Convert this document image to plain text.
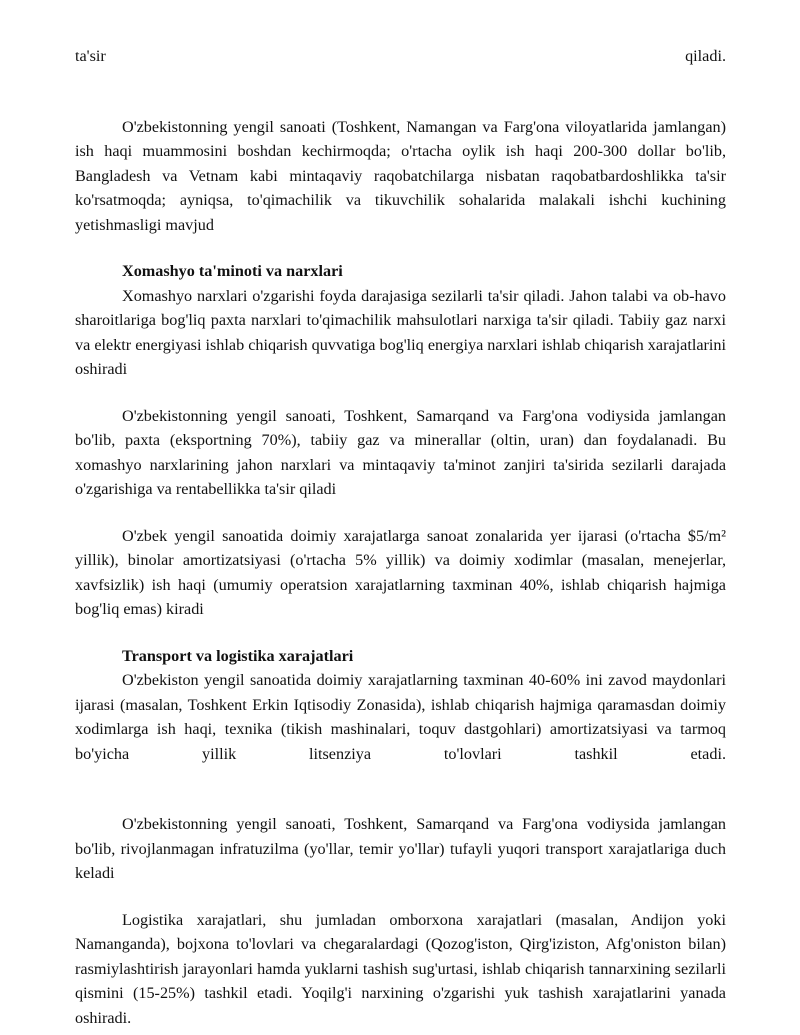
ta'sir qiladi.

O'zbekistonning yengil sanoati (Toshkent, Namangan va Farg'ona viloyatlarida jamlangan) ish haqi muammosini boshdan kechirmoqda; o'rtacha oylik ish haqi 200-300 dollar bo'lib, Bangladesh va Vetnam kabi mintaqaviy raqobatchilarga nisbatan raqobatbardoshlikka ta'sir ko'rsatmoqda; ayniqsa, to'qimachilik va tikuvchilik sohalarida malakali ishchi kuchining yetishmasligi mavjud

Xomashyo ta'minoti va narxlari

Xomashyo narxlari o'zgarishi foyda darajasiga sezilarli ta'sir qiladi. Jahon talabi va ob-havo sharoitlariga bog'liq paxta narxlari to'qimachilik mahsulotlari narxiga ta'sir qiladi. Tabiiy gaz narxi va elektr energiyasi ishlab chiqarish quvvatiga bog'liq energiya narxlari ishlab chiqarish xarajatlarini oshiradi

O'zbekistonning yengil sanoati, Toshkent, Samarqand va Farg'ona vodiysida jamlangan bo'lib, paxta (eksportning 70%), tabiiy gaz va minerallar (oltin, uran) dan foydalanadi. Bu xomashyo narxlarining jahon narxlari va mintaqaviy ta'minot zanjiri ta'sirida sezilarli darajada o'zgarishiga va rentabellikka ta'sir qiladi

O'zbek yengil sanoatida doimiy xarajatlarga sanoat zonalarida yer ijarasi (o'rtacha $5/m² yillik), binolar amortizatsiyasi (o'rtacha 5% yillik) va doimiy xodimlar (masalan, menejerlar, xavfsizlik) ish haqi (umumiy operatsion xarajatlarning taxminan 40%, ishlab chiqarish hajmiga bog'liq emas) kiradi

Transport va logistika xarajatlari

O'zbekiston yengil sanoatida doimiy xarajatlarning taxminan 40-60% ini zavod maydonlari ijarasi (masalan, Toshkent Erkin Iqtisodiy Zonasida), ishlab chiqarish hajmiga qaramasdan doimiy xodimlarga ish haqi, texnika (tikish mashinalari, toquv dastgohlari) amortizatsiyasi va tarmoq bo'yicha yillik litsenziya to'lovlari tashkil etadi.

O'zbekistonning yengil sanoati, Toshkent, Samarqand va Farg'ona vodiysida jamlangan bo'lib, rivojlanmagan infratuzilma (yo'llar, temir yo'llar) tufayli yuqori transport xarajatlariga duch keladi

Logistika xarajatlari, shu jumladan omborxona xarajatlari (masalan, Andijon yoki Namanganda), bojxona to'lovlari va chegaralardagi (Qozog'iston, Qirg'iziston, Afg'oniston bilan) rasmiylashtirish jarayonlari hamda yuklarni tashish sug'urtasi, ishlab chiqarish tannarxining sezilarli qismini (15-25%) tashkil etadi. Yoqilg'i narxining o'zgarishi yuk tashish xarajatlarini yanada oshiradi.
